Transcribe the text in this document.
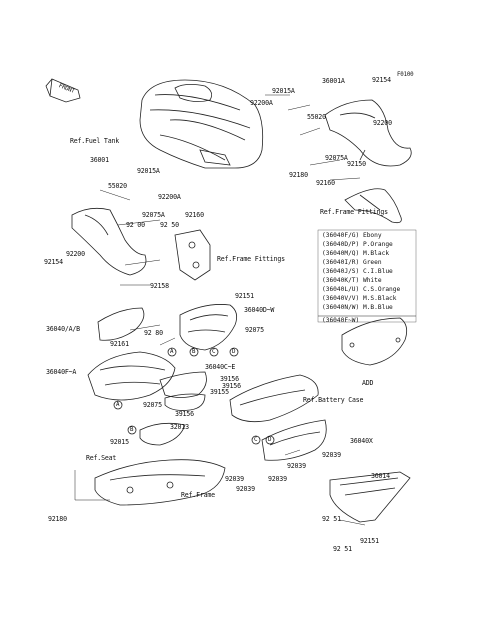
FRONT
F0100
92015A
92200A
36001A	92154
Ref.Fuel Tank
55020
92200
36001
92015A
92075A
92150
55020
92200A
92180
92160
92075A	92160
92 00 92 50
Ref.Frame Fittings
92200
92154	Ref.Frame Fittings
92158
92151
36040D~W
36040/A/B	92 80	92075
92161
36040F~A
36040C~E
39156
92075
39156
39155
Ref.Battery Case
39156
92015
32013
36040X
Ref.Seat	92039
92039
92039	92039
92039
36014
Ref.Frame
92180	92 51
92151
92 51
ADD
A	B	C	D
A
B
C D
(36040F/G) Ebony
(36040D/P) P.Orange
(36040M/Q) M.Black
(36040I/R) Green
(36040J/S) C.I.Blue
(36040K/T) White
(36040L/U) C.S.Orange
(36040V/V) M.S.Black
(36040N/W) M.B.Blue
(36040F~W)
